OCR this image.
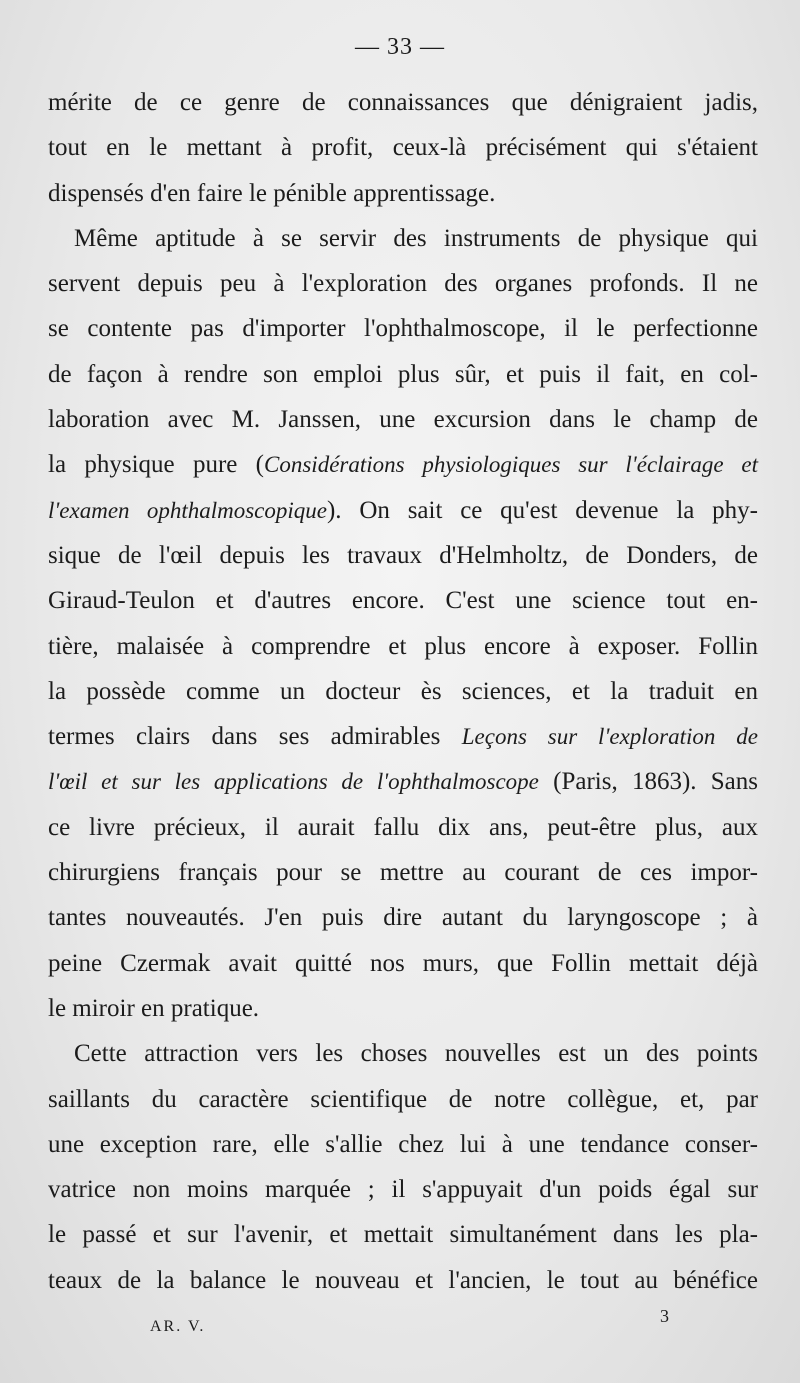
— 33 —
mérite de ce genre de connaissances que dénigraient jadis,
tout en le mettant à profit, ceux-là précisément qui s'étaient
dispensés d'en faire le pénible apprentissage.
Même aptitude à se servir des instruments de physique qui
servent depuis peu à l'exploration des organes profonds. Il ne
se contente pas d'importer l'ophthalmoscope, il le perfectionne
de façon à rendre son emploi plus sûr, et puis il fait, en col-
laboration avec M. Janssen, une excursion dans le champ de
la physique pure (Considérations physiologiques sur l'éclairage et
l'examen ophthalmoscopique). On sait ce qu'est devenue la phy-
sique de l'œil depuis les travaux d'Helmholtz, de Donders, de
Giraud-Teulon et d'autres encore. C'est une science tout en-
tière, malaisée à comprendre et plus encore à exposer. Follin
la possède comme un docteur ès sciences, et la traduit en
termes clairs dans ses admirables Leçons sur l'exploration de
l'œil et sur les applications de l'ophthalmoscope (Paris, 1863). Sans
ce livre précieux, il aurait fallu dix ans, peut-être plus, aux
chirurgiens français pour se mettre au courant de ces impor-
tantes nouveautés. J'en puis dire autant du laryngoscope ; à
peine Czermak avait quitté nos murs, que Follin mettait déjà
le miroir en pratique.
Cette attraction vers les choses nouvelles est un des points
saillants du caractère scientifique de notre collègue, et, par
une exception rare, elle s'allie chez lui à une tendance conser-
vatrice non moins marquée ; il s'appuyait d'un poids égal sur
le passé et sur l'avenir, et mettait simultanément dans les pla-
teaux de la balance le nouveau et l'ancien, le tout au bénéfice
AR. V.
3
